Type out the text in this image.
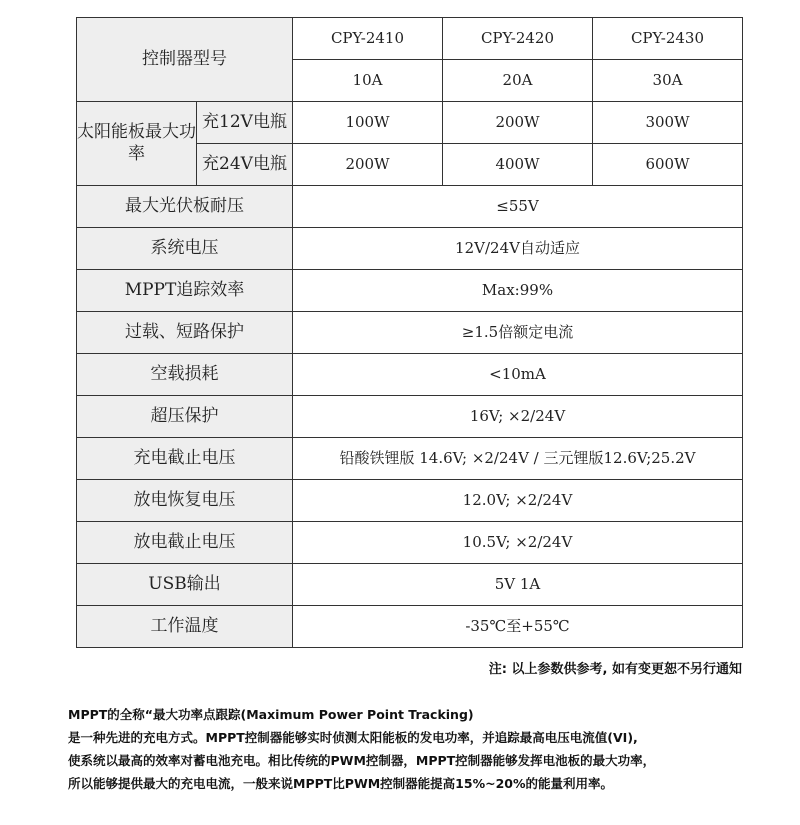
控制器型号		CPY-2410	CPY-2420	CPY-2430
		10A	20A	30A
太阳能板最大功率	充12V电瓶	100W	200W	300W
	充24V电瓶	200W	400W	600W
最大光伏板耐压		≤55V		
系统电压		12V/24V自动适应		
MPPT追踪效率		Max:99%		
过载、短路保护		≥1.5倍额定电流		
空载损耗		<10mA		
超压保护		16V; ×2/24V		
充电截止电压		铅酸铁锂版 14.6V; ×2/24V / 三元锂版12.6V;25.2V		
放电恢复电压		12.0V; ×2/24V		
放电截止电压		10.5V; ×2/24V		
USB输出		5V 1A		
工作温度		-35℃至+55℃		
注: 以上参数供参考, 如有变更恕不另行通知
MPPT的全称“最大功率点跟踪(Maximum Power Point Tracking)
是一种先进的充电方式。MPPT控制器能够实时侦测太阳能板的发电功率，并追踪最高电压电流值(VI),
使系统以最高的效率对蓄电池充电。相比传统的PWM控制器，MPPT控制器能够发挥电池板的最大功率，
所以能够提供最大的充电电流，一般来说MPPT比PWM控制器能提高15%~20%的能量利用率。
